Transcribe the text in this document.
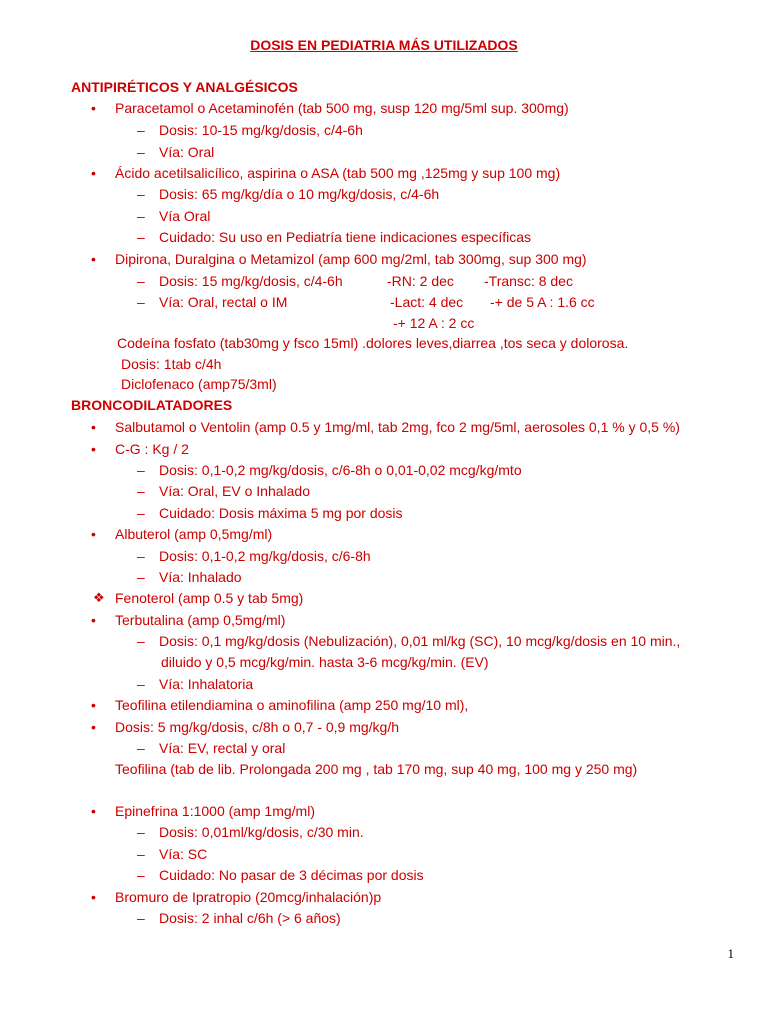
DOSIS EN PEDIATRIA MÁS UTILIZADOS
ANTIPIRÉTICOS Y ANALGÉSICOS
• Paracetamol o Acetaminofén (tab 500 mg, susp 120 mg/5ml sup. 300mg)
– Dosis: 10-15 mg/kg/dosis, c/4-6h
– Vía: Oral
• Ácido acetilsalicílico, aspirina o ASA (tab 500 mg ,125mg y sup 100 mg)
– Dosis: 65 mg/kg/día o 10 mg/kg/dosis, c/4-6h
– Vía Oral
– Cuidado: Su uso en Pediatría tiene indicaciones específicas
• Dipirona, Duralgina o Metamizol (amp 600 mg/2ml, tab 300mg, sup 300 mg)
– Dosis: 15 mg/kg/dosis, c/4-6h	-RN: 2 dec -Transc: 8 dec
– Vía: Oral, rectal o IM	-Lact: 4 dec -+ de 5 A : 1.6 cc
-+ 12 A : 2 cc
Codeína fosfato (tab30mg y fsco 15ml) .dolores leves,diarrea ,tos seca y dolorosa.
Dosis: 1tab c/4h
Diclofenaco (amp75/3ml)
BRONCODILATADORES
• Salbutamol o Ventolin (amp 0.5 y 1mg/ml, tab 2mg, fco 2 mg/5ml, aerosoles 0,1 % y 0,5 %)
• C-G : Kg / 2
– Dosis: 0,1-0,2 mg/kg/dosis, c/6-8h o 0,01-0,02 mcg/kg/mto
– Vía: Oral, EV o Inhalado
– Cuidado: Dosis máxima 5 mg por dosis
• Albuterol (amp 0,5mg/ml)
– Dosis: 0,1-0,2 mg/kg/dosis, c/6-8h
– Vía: Inhalado
❖ Fenoterol (amp 0.5 y tab 5mg)
• Terbutalina (amp 0,5mg/ml)
– Dosis: 0,1 mg/kg/dosis (Nebulización), 0,01 ml/kg (SC), 10 mcg/kg/dosis en 10 min.,
diluido y 0,5 mcg/kg/min. hasta 3-6 mcg/kg/min. (EV)
– Vía: Inhalatoria
• Teofilina etilendiamina o aminofilina (amp 250 mg/10 ml),
• Dosis: 5 mg/kg/dosis, c/8h o 0,7 - 0,9 mg/kg/h
– Vía: EV, rectal y oral
Teofilina (tab de lib. Prolongada 200 mg , tab 170 mg, sup 40 mg, 100 mg y 250 mg)
• Epinefrina 1:1000 (amp 1mg/ml)
– Dosis: 0,01ml/kg/dosis, c/30 min.
– Vía: SC
– Cuidado: No pasar de 3 décimas por dosis
• Bromuro de Ipratropio (20mcg/inhalación)p
– Dosis: 2 inhal c/6h (> 6 años)
1
